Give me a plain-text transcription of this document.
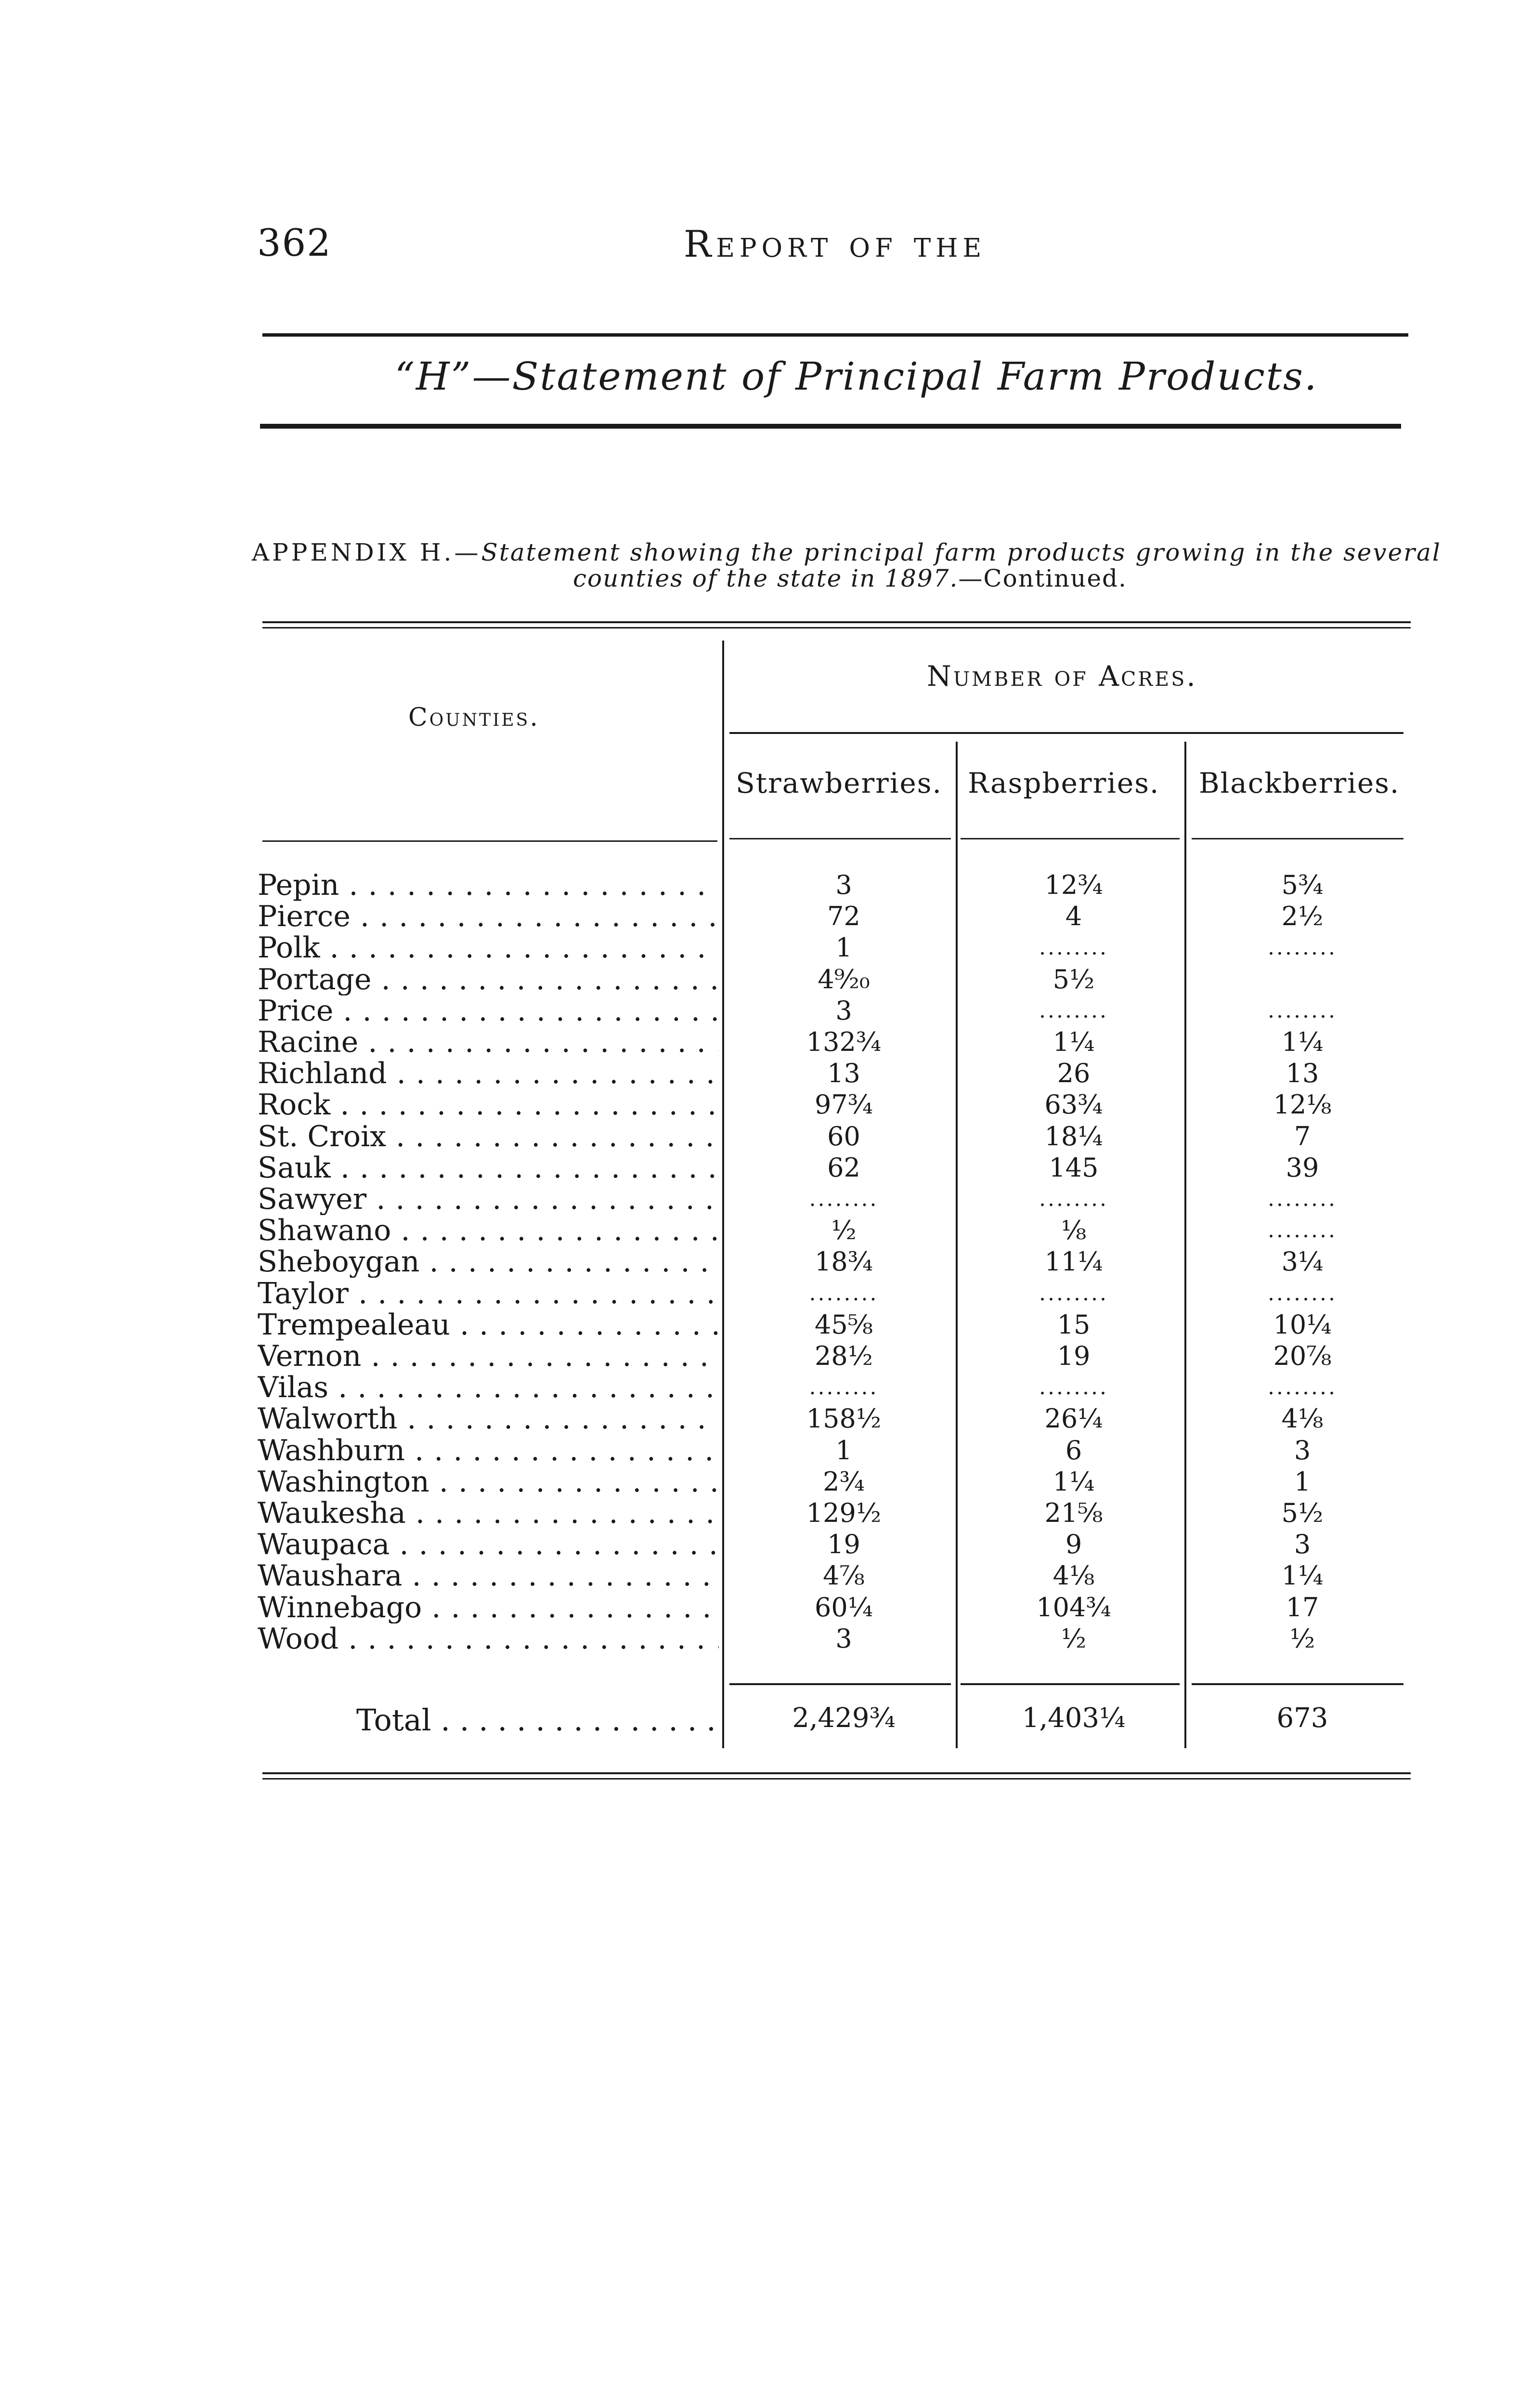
362	Report of the
“H”—Statement of Principal Farm Products.
APPENDIX H.—Statement showing the principal farm products growing in the several
counties of the state in 1897.—Continued.
Counties.
Number of Acres.
Strawberries. Raspberries. Blackberries.
Pepin . . .	3	12¾	5¾
Pierce . . .	72	4	2½
Polk . . .	1	........	........
Portage . . .	4⁹⁄₂₀	5½
Price . . .	3	........	........
Racine . . .	132¾	1¼	1¼
Richland . . .	13	26	13
Rock . . .	97¾	63¾	12⅛
St. Croix . . .	60	18¼	7
Sauk . . .	62	145	39
Sawyer . . .	........	........	........
Shawano . . .	½	⅛	........
Sheboygan . . .	18¾	11¼	3¼
Taylor . . .	........	........	........
Trempealeau . . .	45⅝	15	10¼
Vernon . . .	28½	19	20⅞
Vilas . . .	........	........	........
Walworth . . .	158½	26¼	4⅛
Washburn . . .	1	6	3
Washington . . .	2¾	1¼	1
Waukesha . . .	129½	21⅝	5½
Waupaca . . .	19	9	3
Waushara . . .	4⅞	4⅛	1¼
Winnebago . . .	60¼	104¾	17
Wood . . .	3	½	½
Total . . .	2,429¾	1,403¼	673
